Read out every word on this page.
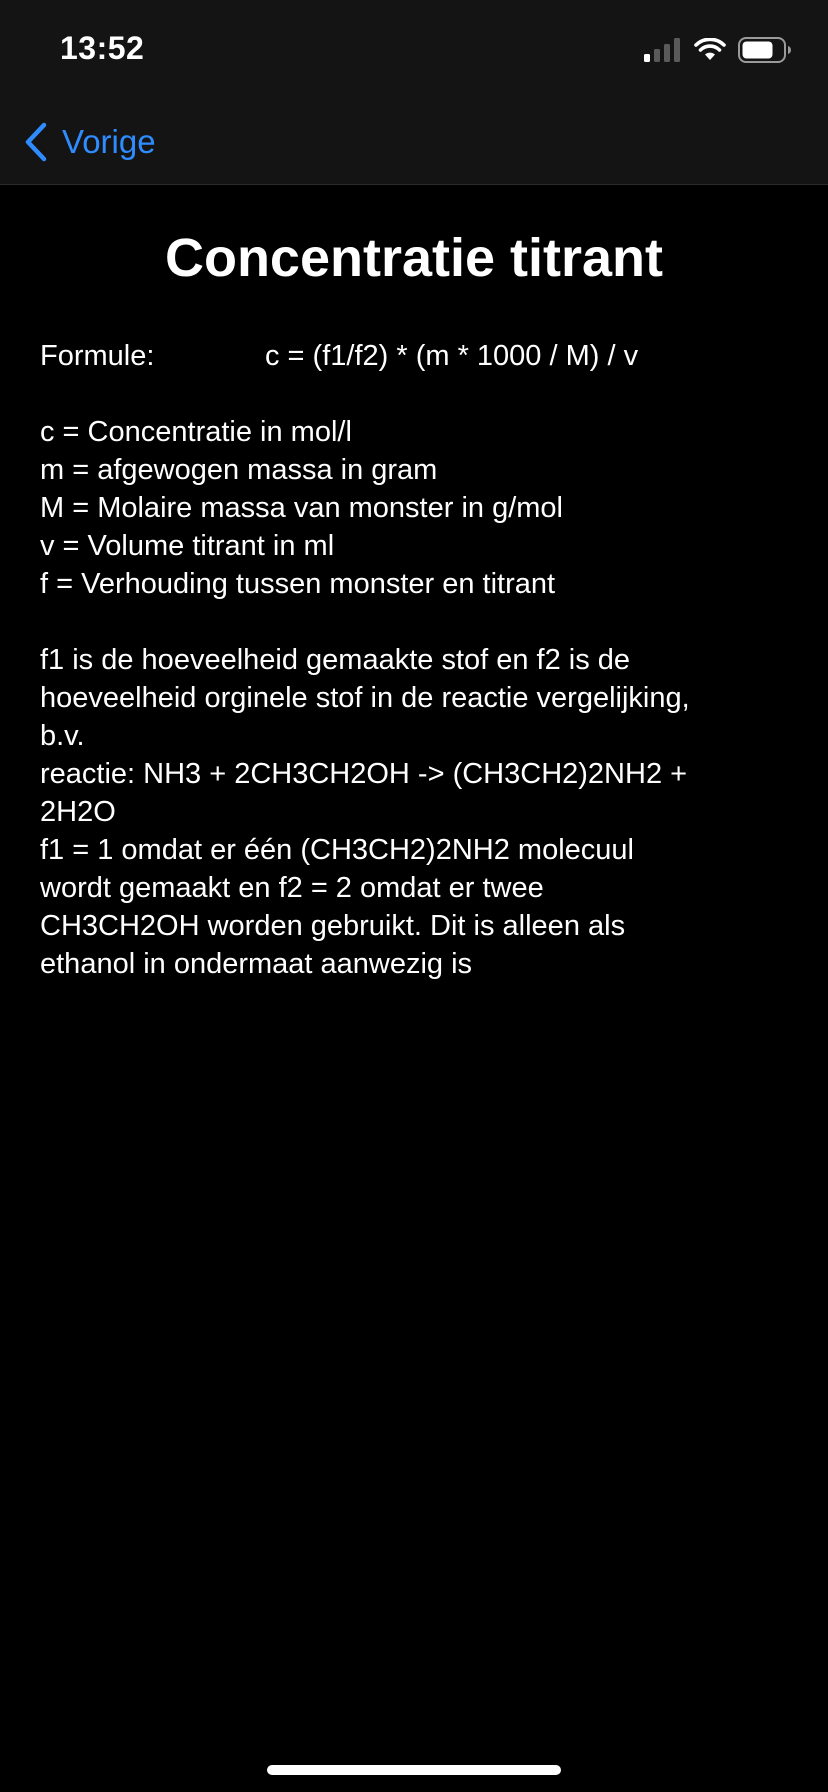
13:52
Vorige
Concentratie titrant
Formule:	c = (f1/f2) * (m * 1000 / M) / v
c = Concentratie in mol/l
m = afgewogen massa in gram
M = Molaire massa van monster in g/mol
v = Volume titrant in ml
f = Verhouding tussen monster en titrant
f1 is de hoeveelheid gemaakte stof en f2 is de
hoeveelheid orginele stof in de reactie vergelijking,
b.v.
reactie: NH3 + 2CH3CH2OH -> (CH3CH2)2NH2 +
2H2O
f1 = 1 omdat er één (CH3CH2)2NH2 molecuul
wordt gemaakt en f2 = 2 omdat er twee
CH3CH2OH worden gebruikt. Dit is alleen als
ethanol in ondermaat aanwezig is
